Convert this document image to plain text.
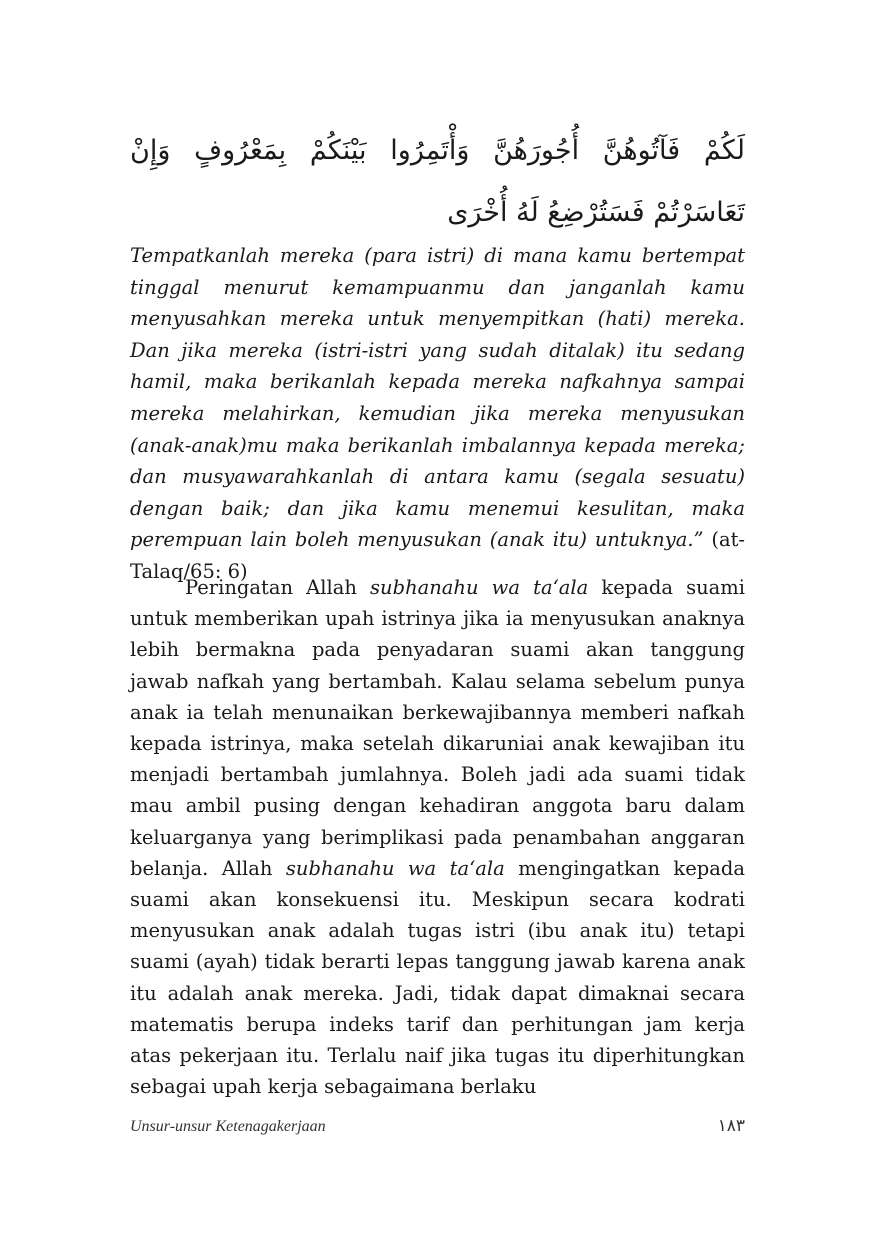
لَكُمْ فَآتُوهُنَّ أُجُورَهُنَّ وَأْتَمِرُوا بَيْنَكُمْ بِمَعْرُوفٍ وَإِنْ تَعَاسَرْتُمْ فَسَتُرْضِعُ لَهُ أُخْرَى

Tempatkanlah mereka (para istri) di mana kamu bertempat tinggal menurut kemampuanmu dan janganlah kamu menyusahkan mereka untuk menyempitkan (hati) mereka. Dan jika mereka (istri-istri yang sudah ditalak) itu sedang hamil, maka berikanlah kepada mereka nafkahnya sampai mereka melahirkan, kemudian jika mereka menyusukan (anak-anak)mu maka berikanlah imbalannya kepada mereka; dan musyawarahkanlah di antara kamu (segala sesuatu) dengan baik; dan jika kamu menemui kesulitan, maka perempuan lain boleh menyusukan (anak itu) untuknya.” (at-Talaq/65: 6)

Peringatan Allah subhanahu wa ta‘ala kepada suami untuk memberikan upah istrinya jika ia menyusukan anaknya lebih bermakna pada penyadaran suami akan tanggung jawab nafkah yang bertambah. Kalau selama sebelum punya anak ia telah menunaikan berkewajibannya memberi nafkah kepada istrinya, maka setelah dikaruniai anak kewajiban itu menjadi bertambah jumlahnya. Boleh jadi ada suami tidak mau ambil pusing dengan kehadiran anggota baru dalam keluarganya yang berimplikasi pada penambahan anggaran belanja. Allah subhanahu wa ta‘ala mengingatkan kepada suami akan konsekuensi itu. Meskipun secara kodrati menyusukan anak adalah tugas istri (ibu anak itu) tetapi suami (ayah) tidak berarti lepas tanggung jawab karena anak itu adalah anak mereka. Jadi, tidak dapat dimaknai secara matematis berupa indeks tarif dan perhitungan jam kerja atas pekerjaan itu. Terlalu naif jika tugas itu diperhitungkan sebagai upah kerja sebagaimana berlaku

Unsur-unsur Ketenagakerjaan	١٨٣
